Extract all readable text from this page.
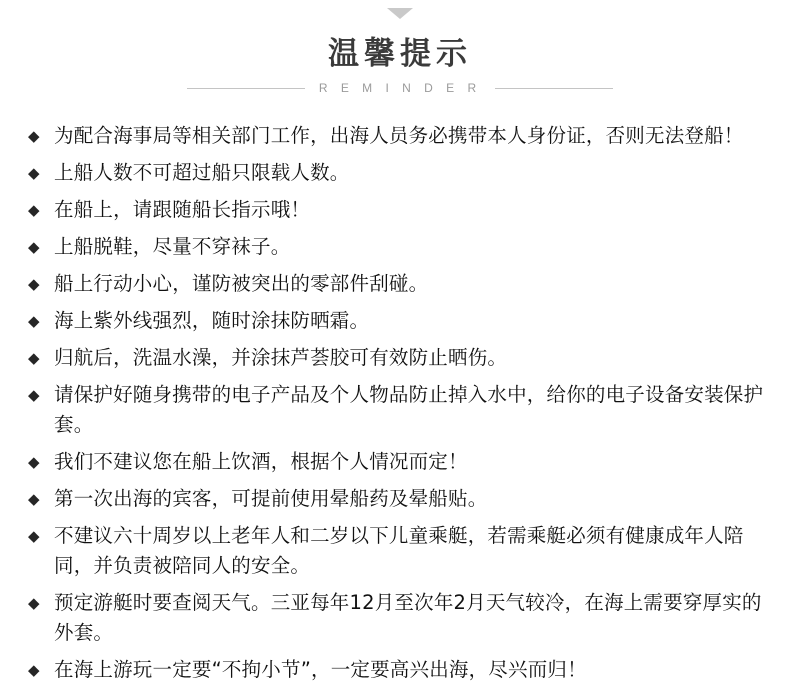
温馨提示
R E M I N D E R
◆ 为配合海事局等相关部门工作，出海人员务必携带本人身份证，否则无法登船！
◆ 上船人数不可超过船只限载人数。
◆ 在船上，请跟随船长指示哦！
◆ 上船脱鞋，尽量不穿袜子。
◆ 船上行动小心，谨防被突出的零部件刮碰。
◆ 海上紫外线强烈，随时涂抹防晒霜。
◆ 归航后，洗温水澡，并涂抹芦荟胶可有效防止晒伤。
◆ 请保护好随身携带的电子产品及个人物品防止掉入水中，给你的电子设备安装保护套。
◆ 我们不建议您在船上饮酒，根据个人情况而定！
◆ 第一次出海的宾客，可提前使用晕船药及晕船贴。
◆ 不建议六十周岁以上老年人和二岁以下儿童乘艇，若需乘艇必须有健康成年人陪同，并负责被陪同人的安全。
◆ 预定游艇时要查阅天气。三亚每年12月至次年2月天气较冷，在海上需要穿厚实的外套。
◆ 在海上游玩一定要“不拘小节”，一定要高兴出海，尽兴而归！
